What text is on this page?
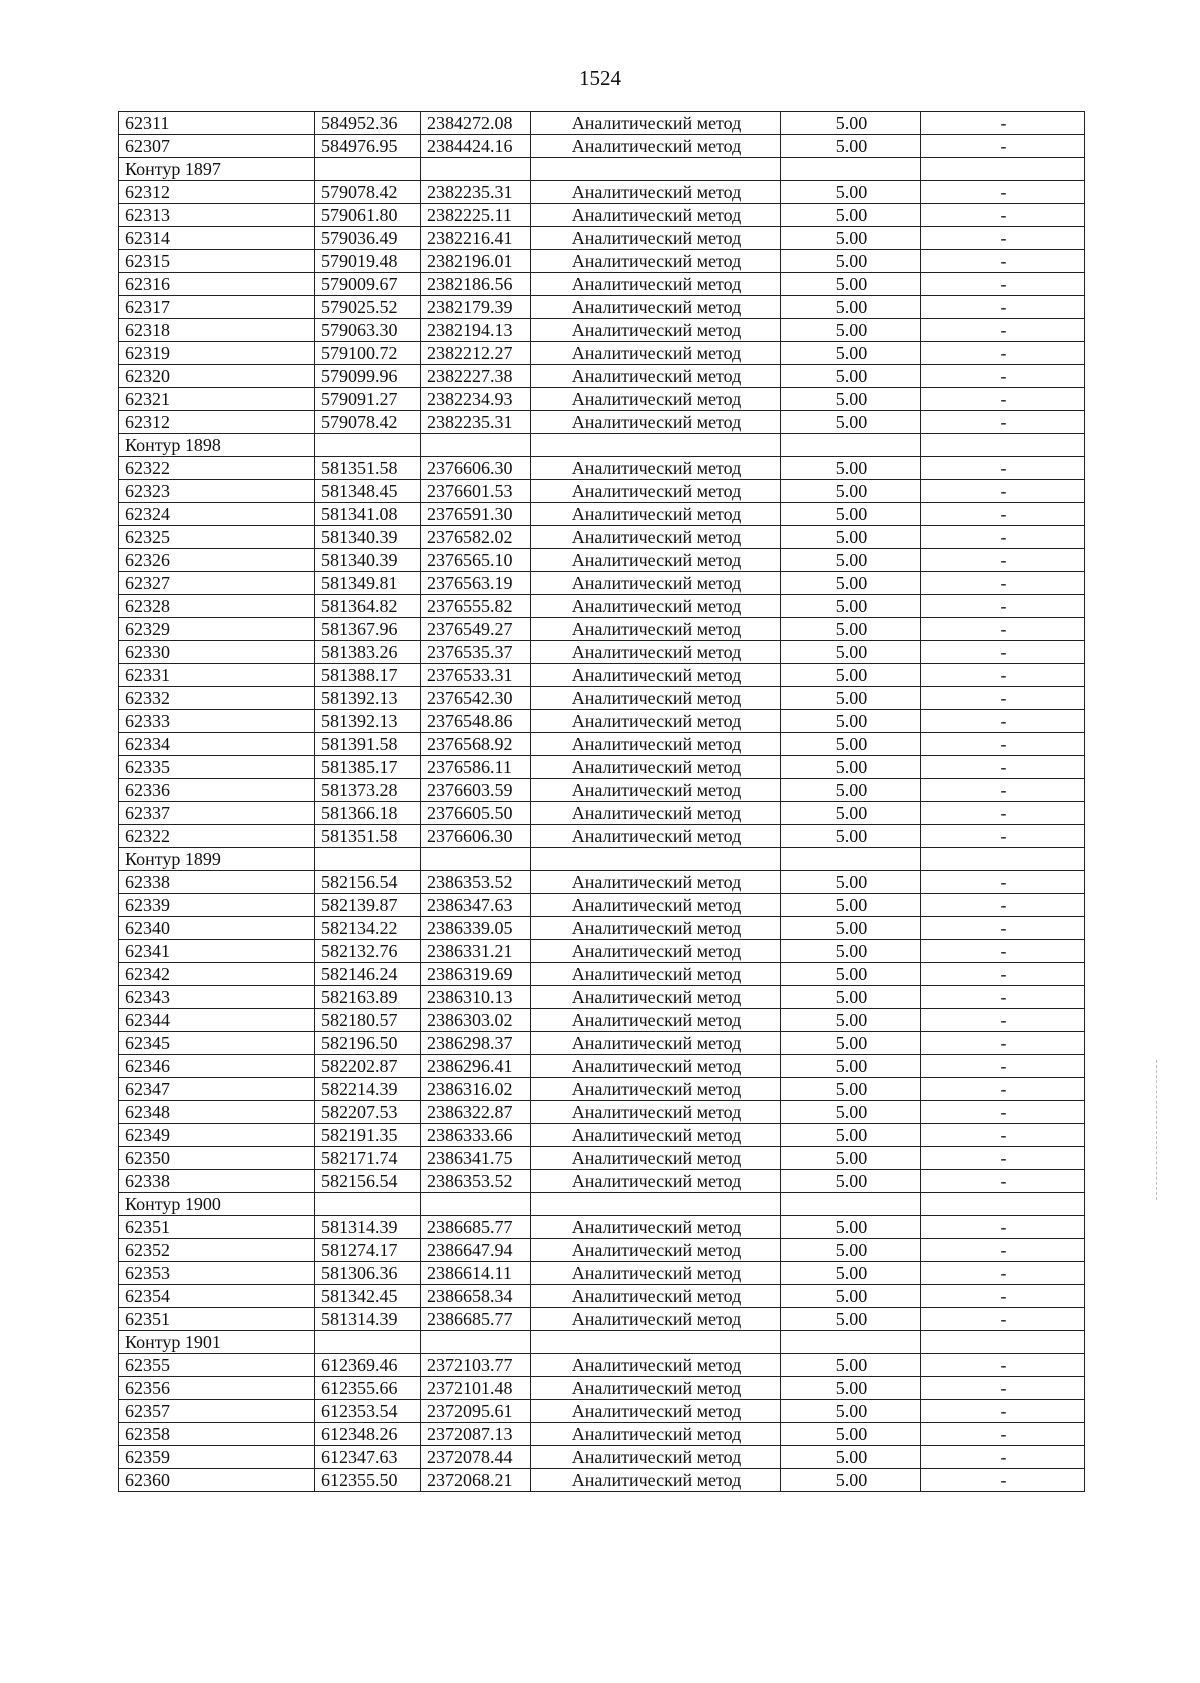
1524
62311	584952.36	2384272.08	Аналитический метод	5.00	-
62307	584976.95	2384424.16	Аналитический метод	5.00	-
Контур 1897					
62312	579078.42	2382235.31	Аналитический метод	5.00	-
62313	579061.80	2382225.11	Аналитический метод	5.00	-
62314	579036.49	2382216.41	Аналитический метод	5.00	-
62315	579019.48	2382196.01	Аналитический метод	5.00	-
62316	579009.67	2382186.56	Аналитический метод	5.00	-
62317	579025.52	2382179.39	Аналитический метод	5.00	-
62318	579063.30	2382194.13	Аналитический метод	5.00	-
62319	579100.72	2382212.27	Аналитический метод	5.00	-
62320	579099.96	2382227.38	Аналитический метод	5.00	-
62321	579091.27	2382234.93	Аналитический метод	5.00	-
62312	579078.42	2382235.31	Аналитический метод	5.00	-
Контур 1898					
62322	581351.58	2376606.30	Аналитический метод	5.00	-
62323	581348.45	2376601.53	Аналитический метод	5.00	-
62324	581341.08	2376591.30	Аналитический метод	5.00	-
62325	581340.39	2376582.02	Аналитический метод	5.00	-
62326	581340.39	2376565.10	Аналитический метод	5.00	-
62327	581349.81	2376563.19	Аналитический метод	5.00	-
62328	581364.82	2376555.82	Аналитический метод	5.00	-
62329	581367.96	2376549.27	Аналитический метод	5.00	-
62330	581383.26	2376535.37	Аналитический метод	5.00	-
62331	581388.17	2376533.31	Аналитический метод	5.00	-
62332	581392.13	2376542.30	Аналитический метод	5.00	-
62333	581392.13	2376548.86	Аналитический метод	5.00	-
62334	581391.58	2376568.92	Аналитический метод	5.00	-
62335	581385.17	2376586.11	Аналитический метод	5.00	-
62336	581373.28	2376603.59	Аналитический метод	5.00	-
62337	581366.18	2376605.50	Аналитический метод	5.00	-
62322	581351.58	2376606.30	Аналитический метод	5.00	-
Контур 1899					
62338	582156.54	2386353.52	Аналитический метод	5.00	-
62339	582139.87	2386347.63	Аналитический метод	5.00	-
62340	582134.22	2386339.05	Аналитический метод	5.00	-
62341	582132.76	2386331.21	Аналитический метод	5.00	-
62342	582146.24	2386319.69	Аналитический метод	5.00	-
62343	582163.89	2386310.13	Аналитический метод	5.00	-
62344	582180.57	2386303.02	Аналитический метод	5.00	-
62345	582196.50	2386298.37	Аналитический метод	5.00	-
62346	582202.87	2386296.41	Аналитический метод	5.00	-
62347	582214.39	2386316.02	Аналитический метод	5.00	-
62348	582207.53	2386322.87	Аналитический метод	5.00	-
62349	582191.35	2386333.66	Аналитический метод	5.00	-
62350	582171.74	2386341.75	Аналитический метод	5.00	-
62338	582156.54	2386353.52	Аналитический метод	5.00	-
Контур 1900					
62351	581314.39	2386685.77	Аналитический метод	5.00	-
62352	581274.17	2386647.94	Аналитический метод	5.00	-
62353	581306.36	2386614.11	Аналитический метод	5.00	-
62354	581342.45	2386658.34	Аналитический метод	5.00	-
62351	581314.39	2386685.77	Аналитический метод	5.00	-
Контур 1901					
62355	612369.46	2372103.77	Аналитический метод	5.00	-
62356	612355.66	2372101.48	Аналитический метод	5.00	-
62357	612353.54	2372095.61	Аналитический метод	5.00	-
62358	612348.26	2372087.13	Аналитический метод	5.00	-
62359	612347.63	2372078.44	Аналитический метод	5.00	-
62360	612355.50	2372068.21	Аналитический метод	5.00	-
